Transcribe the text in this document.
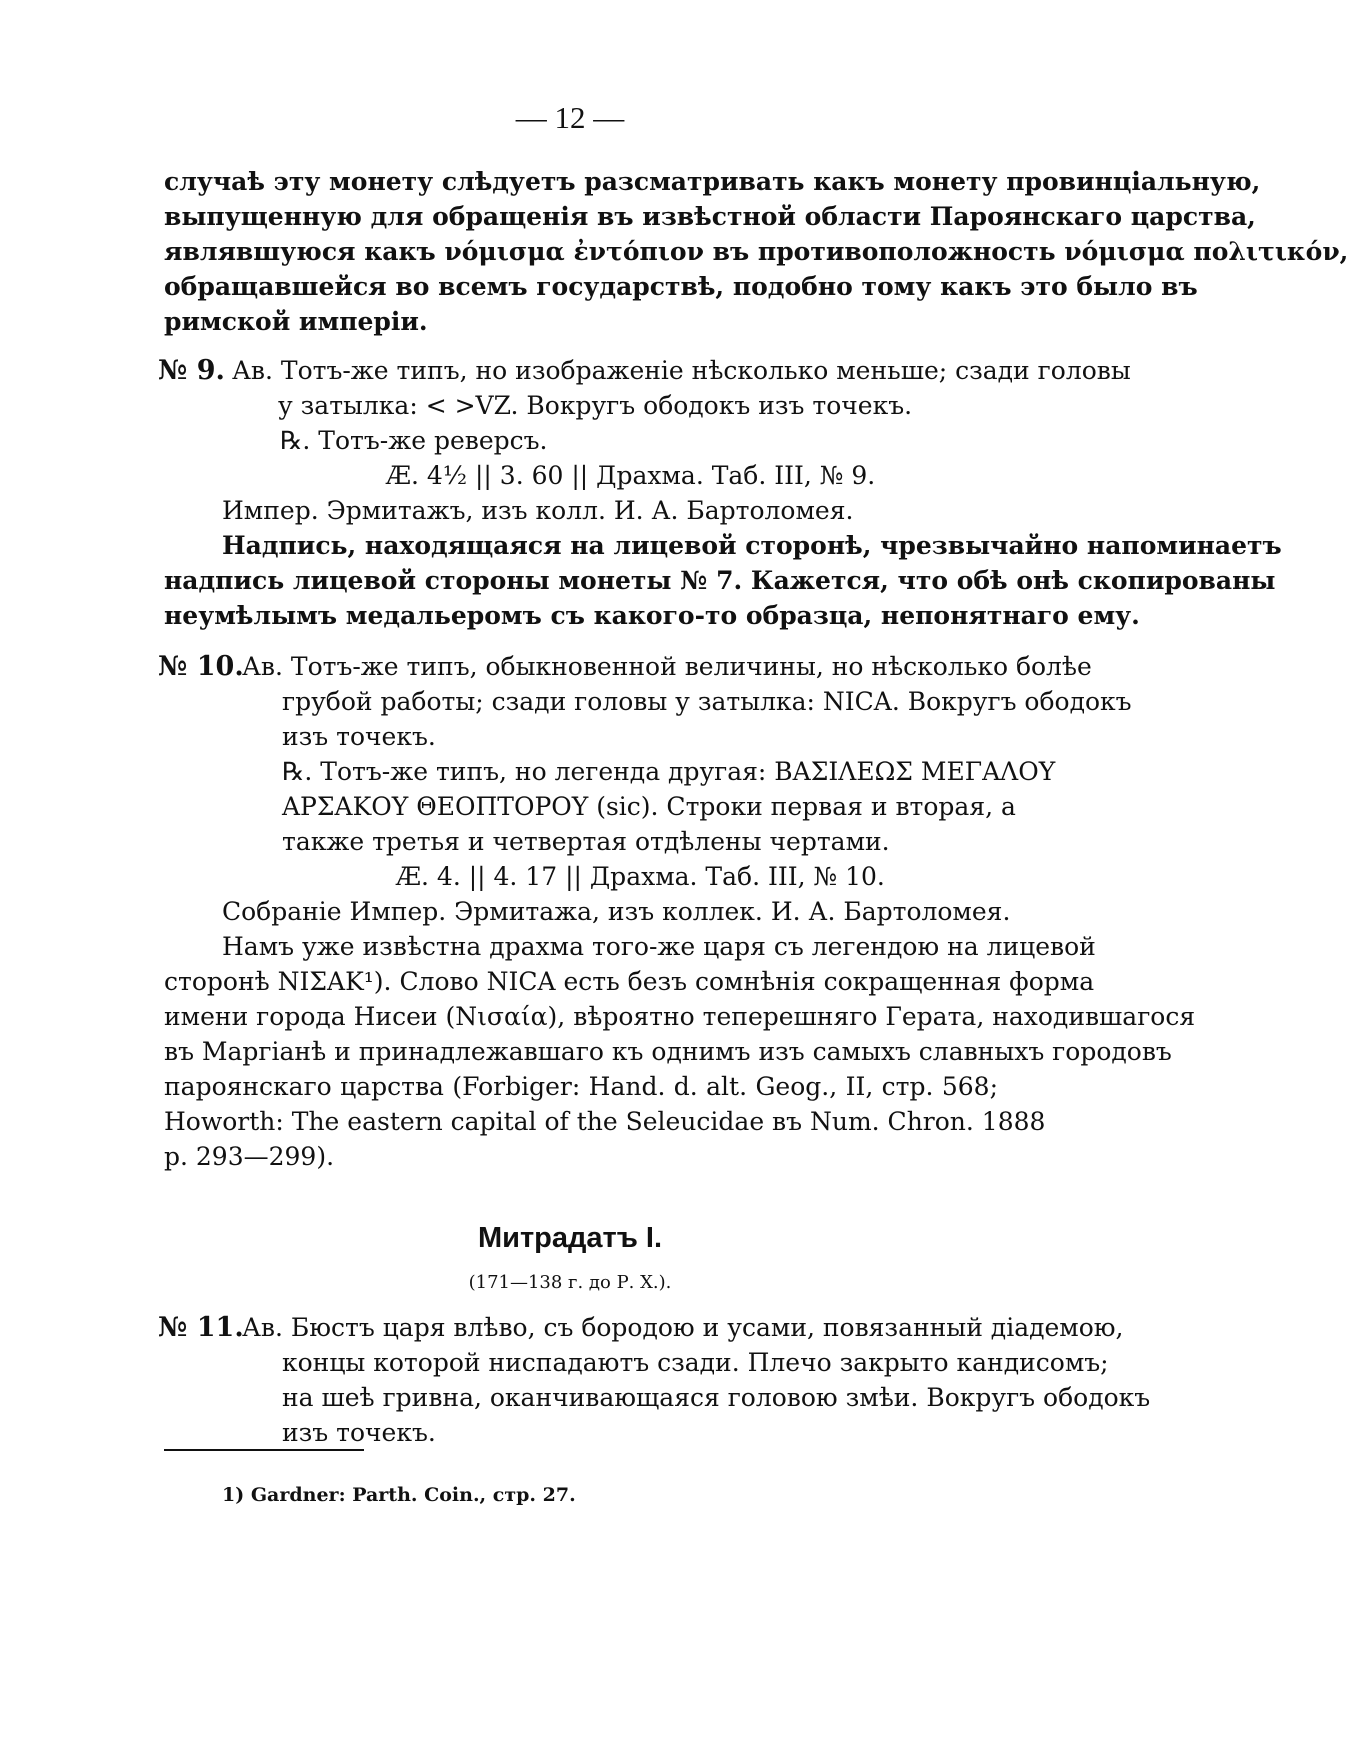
— 12 —
случаѣ эту монету слѣдуетъ разсматривать какъ монету провинціальную,
выпущенную для обращенія въ извѣстной области Пароянскаго царства,
являвшуюся какъ νόμισμα ἐντόπιον въ противоположность νόμισμα πολιτικόν,
обращавшейся во всемъ государствѣ, подобно тому какъ это было въ
римской имперіи.
№ 9. Ав. Тотъ-же типъ, но изображеніе нѣсколько меньше; сзади головы
у затылка: < >VZ. Вокругъ ободокъ изъ точекъ.
℞. Тотъ-же реверсъ.
Æ. 4½ || 3. 60 || Драхма. Таб. III, № 9.
Импер. Эрмитажъ, изъ колл. И. А. Бартоломея.
Надпись, находящаяся на лицевой сторонѣ, чрезвычайно напоминаетъ
надпись лицевой стороны монеты № 7. Кажется, что обѣ онѣ скопированы
неумѣлымъ медальеромъ съ какого-то образца, непонятнаго ему.
№ 10.
Ав. Тотъ-же типъ, обыкновенной величины, но нѣсколько болѣе
грубой работы; сзади головы у затылка: NICA. Вокругъ ободокъ
изъ точекъ.
℞. Тотъ-же типъ, но легенда другая: ΒΑΣΙΛΕΩΣ ΜΕΓΑΛΟΥ
ΑΡΣΑΚΟΥ ΘΕΟΠΤΟΡΟΥ (sic). Строки первая и вторая, а
также третья и четвертая отдѣлены чертами.
Æ. 4. || 4. 17 || Драхма. Таб. III, № 10.
Собраніе Импер. Эрмитажа, изъ коллек. И. А. Бартоломея.
Намъ уже извѣстна драхма того-же царя съ легендою на лицевой
сторонѣ ΝΙΣΑΚ¹). Слово NICA есть безъ сомнѣнія сокращенная форма
имени города Нисеи (Νισαία), вѣроятно теперешняго Герата, находившагося
въ Маргіанѣ и принадлежавшаго къ однимъ изъ самыхъ славныхъ городовъ
пароянскаго царства (Forbiger: Hand. d. alt. Geog., II, стр. 568;
Howorth: The eastern capital of the Seleucidae въ Num. Chron. 1888
p. 293—299).
Митрадатъ I.
(171—138 г. до Р. Х.).
№ 11.
Ав. Бюстъ царя влѣво, съ бородою и усами, повязанный діадемою,
концы которой ниспадаютъ сзади. Плечо закрыто кандисомъ;
на шеѣ гривна, оканчивающаяся головою змѣи. Вокругъ ободокъ
изъ точекъ.
1) Gardner: Parth. Coin., стр. 27.
